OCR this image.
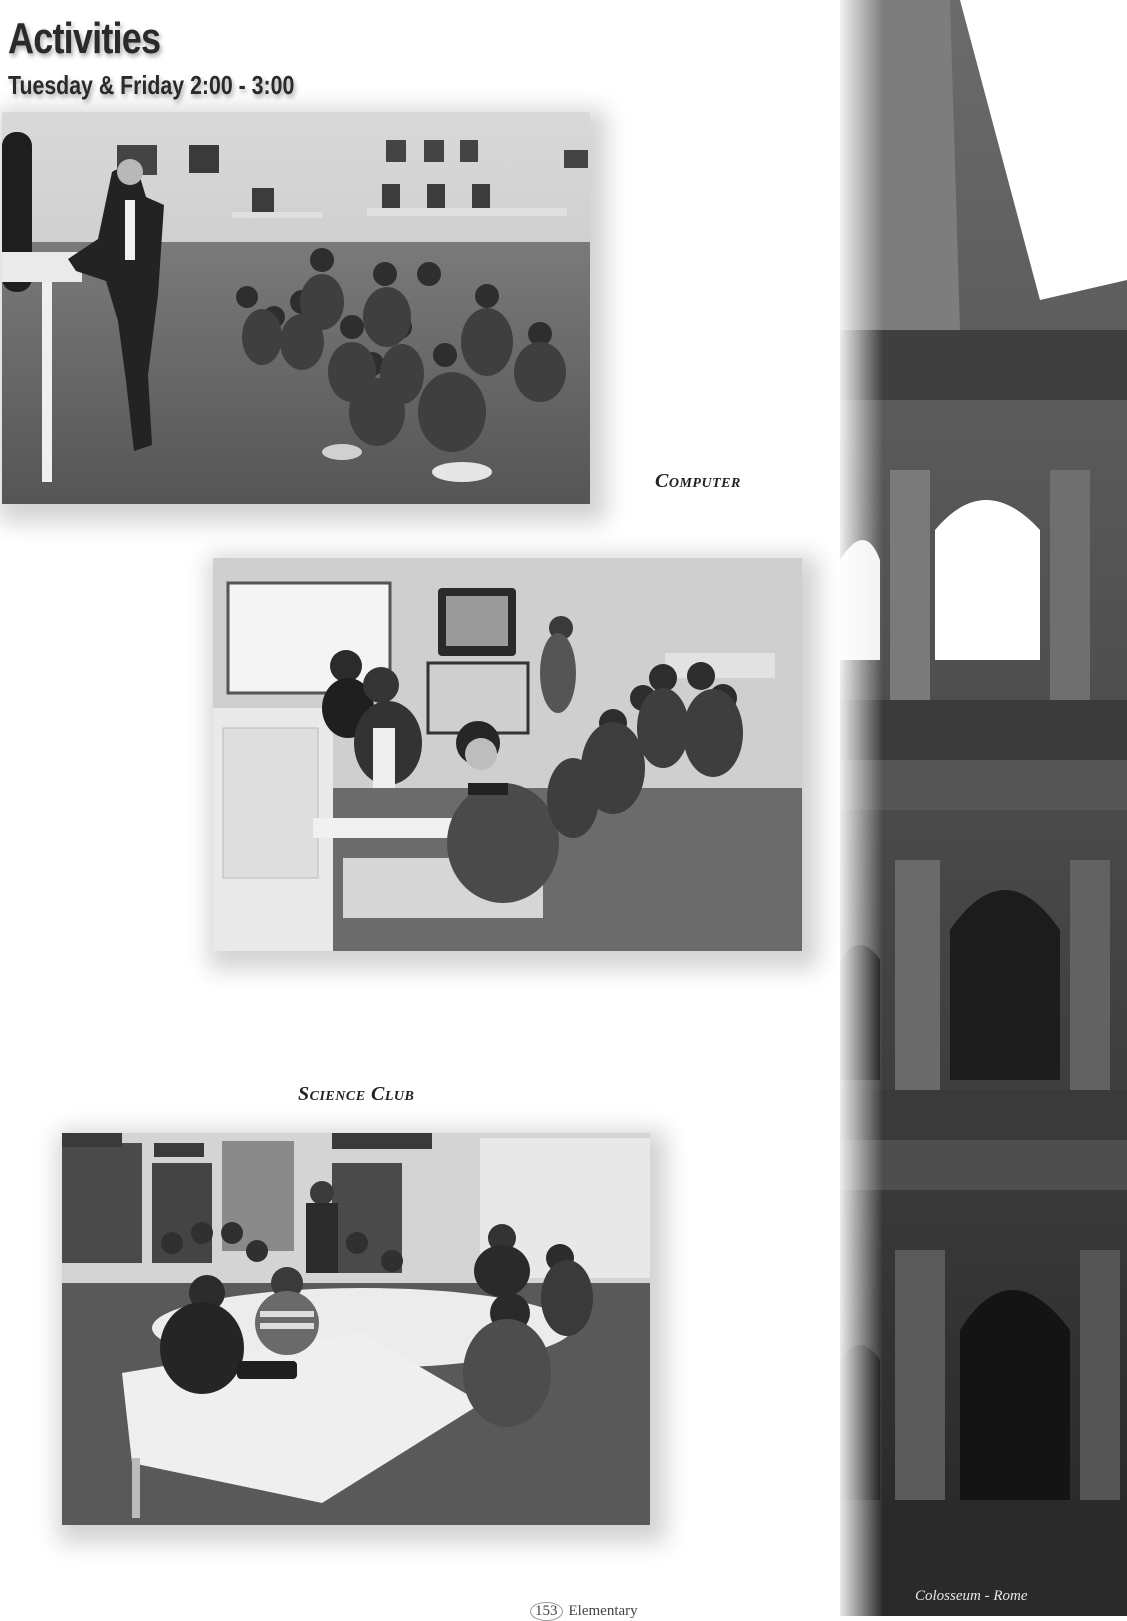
Activities
Tuesday & Friday 2:00 - 3:00
Computer
Science Club
Colosseum - Rome
153 Elementary
